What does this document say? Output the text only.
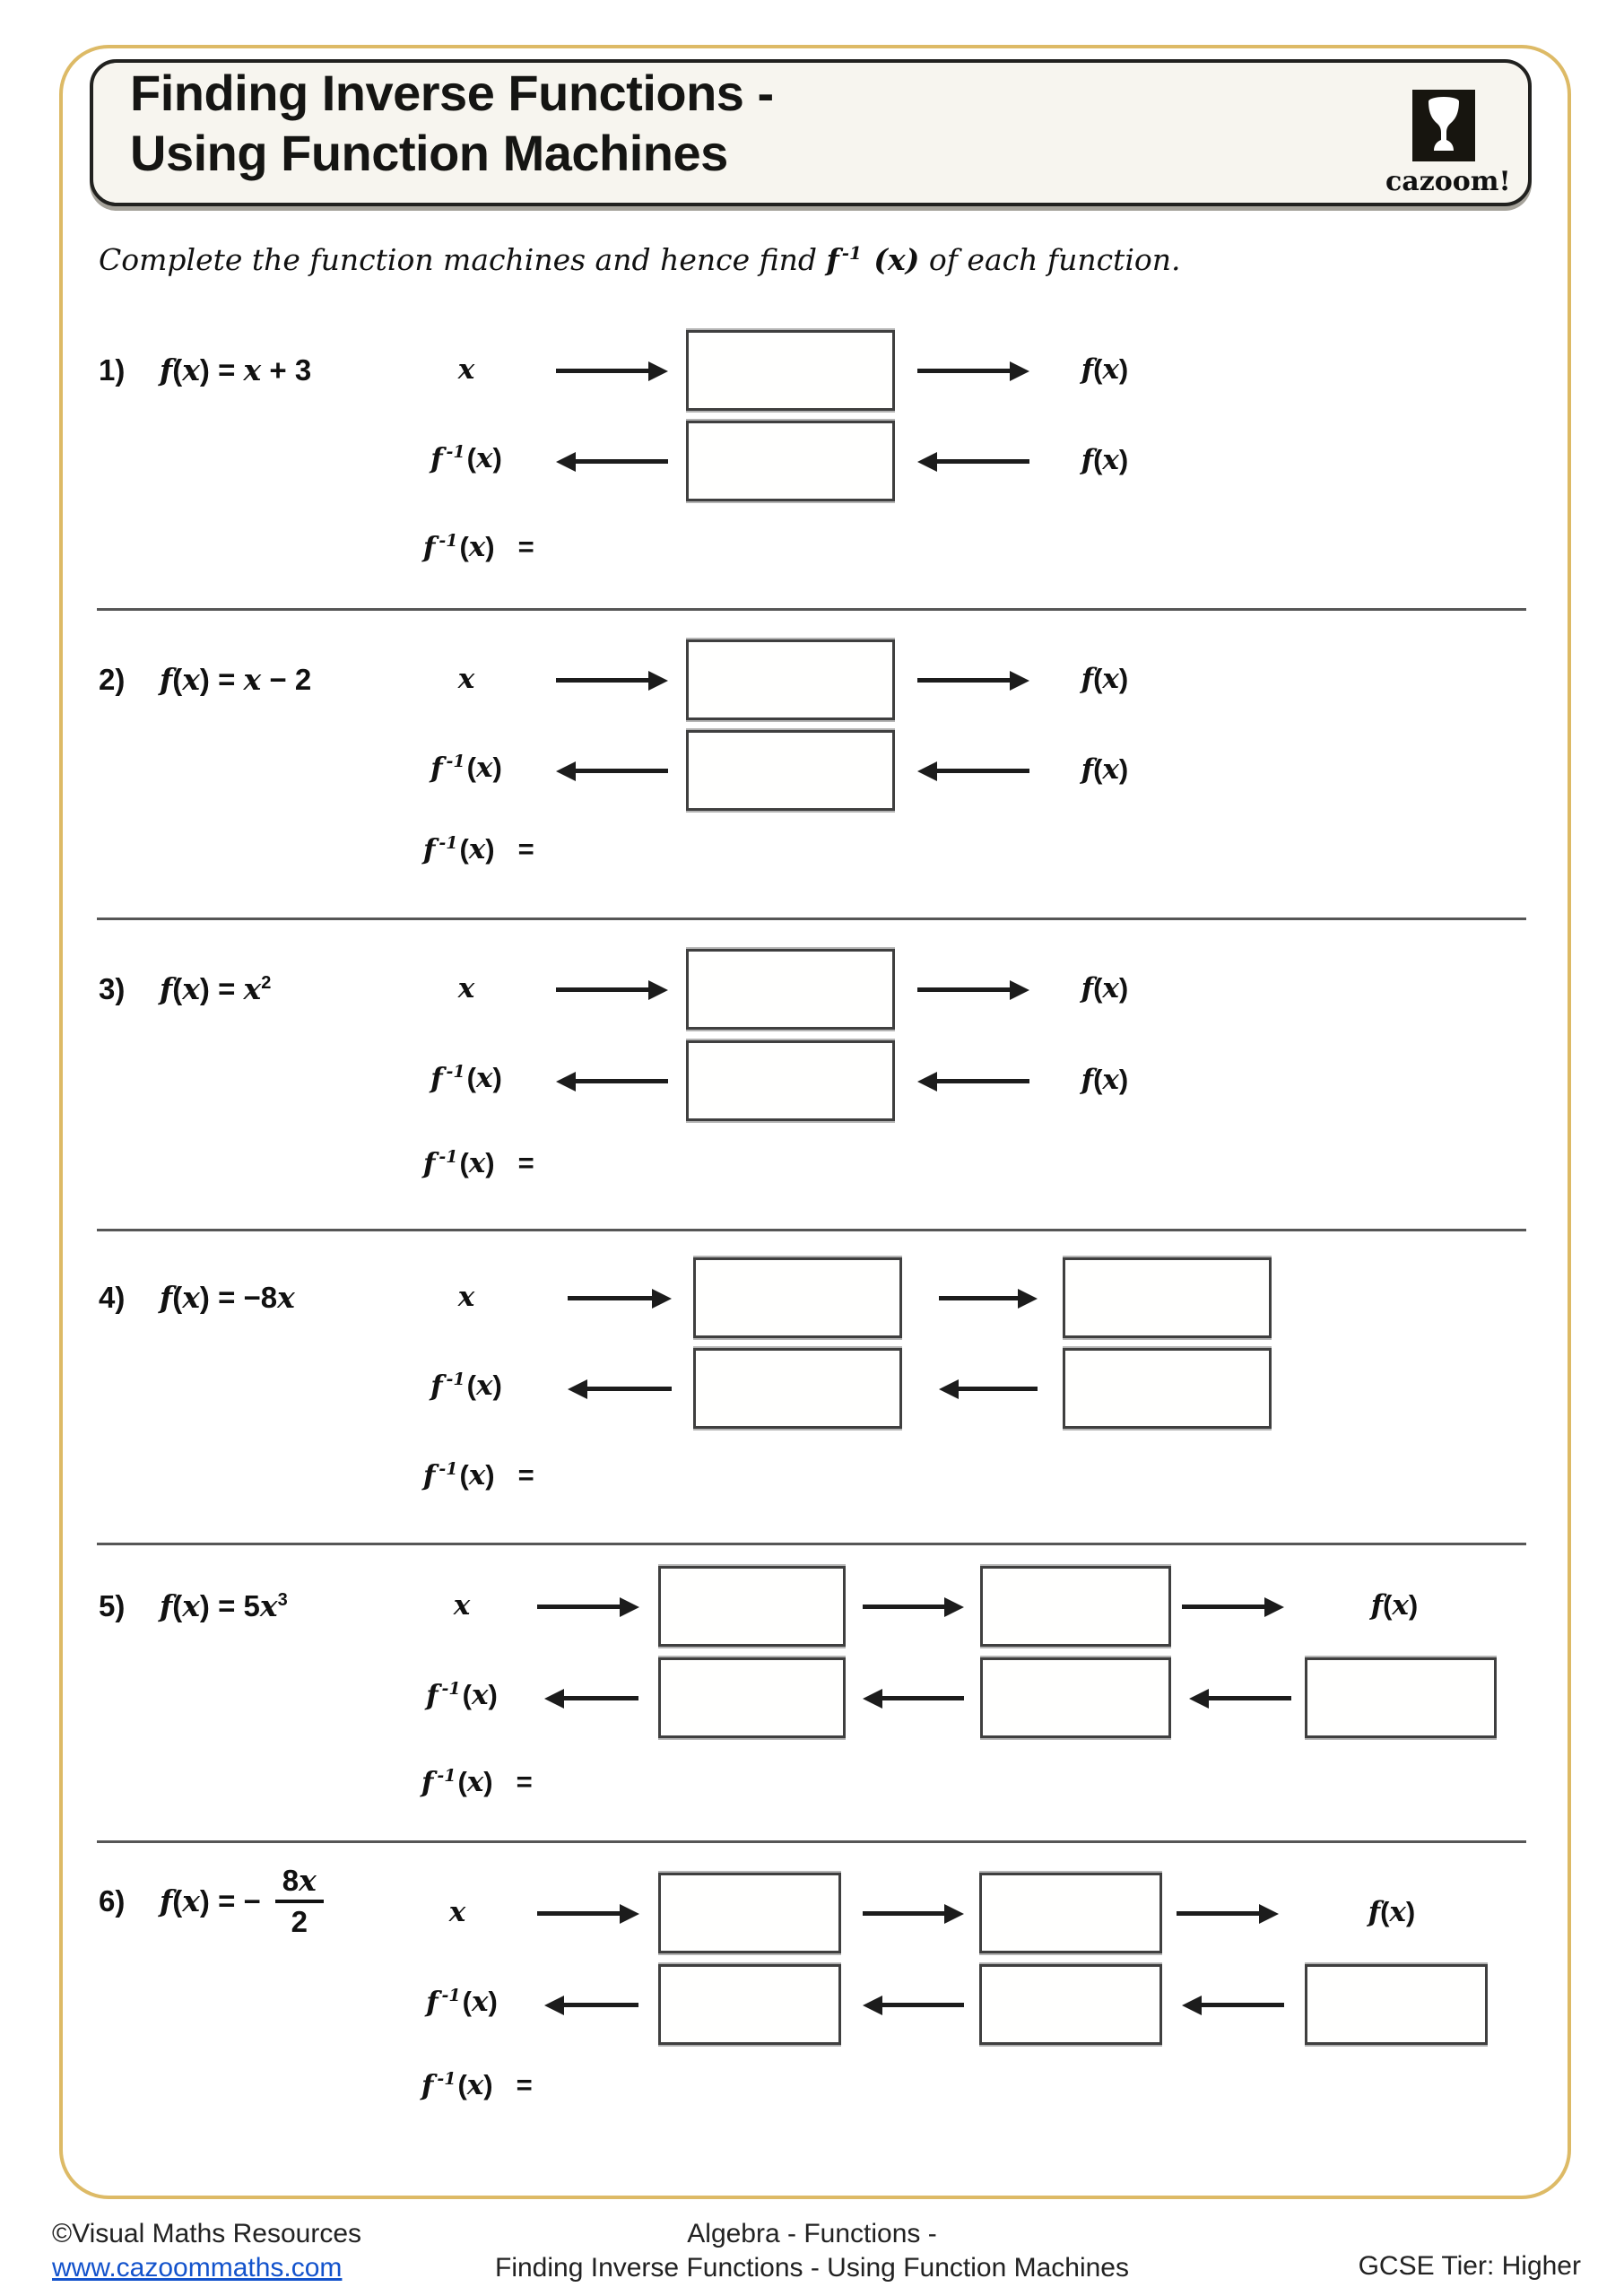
Finding Inverse Functions -
Using Function Machines
cazoom!
Complete the function machines and hence find f $^{-1}$ (x) of each function.
1)	f(x) = x + 3	x	f(x)
f $^{-1}$(x)	f(x)
f $^{-1}$(x) =
2)	f(x) = x − 2	x	f(x)
f $^{-1}$(x)	f(x)
f $^{-1}$(x) =
3)	$f(x) = x^2$	x	f(x)
f $^{-1}$(x)	f(x)
f $^{-1}$(x) =
4)	f(x) = −8x	x
f $^{-1}$(x)
f $^{-1}$(x) =
5)	$f(x) = 5x^3$	x	f(x)
f $^{-1}$(x)
f $^{-1}$(x) =
6)	f(x) = − $\frac{8x}{2}$	x	f(x)
f $^{-1}$(x)
f $^{-1}$(x) =
©Visual Maths Resources
www.cazoommaths.com
Algebra - Functions -
Finding Inverse Functions - Using Function Machines	GCSE Tier: Higher
